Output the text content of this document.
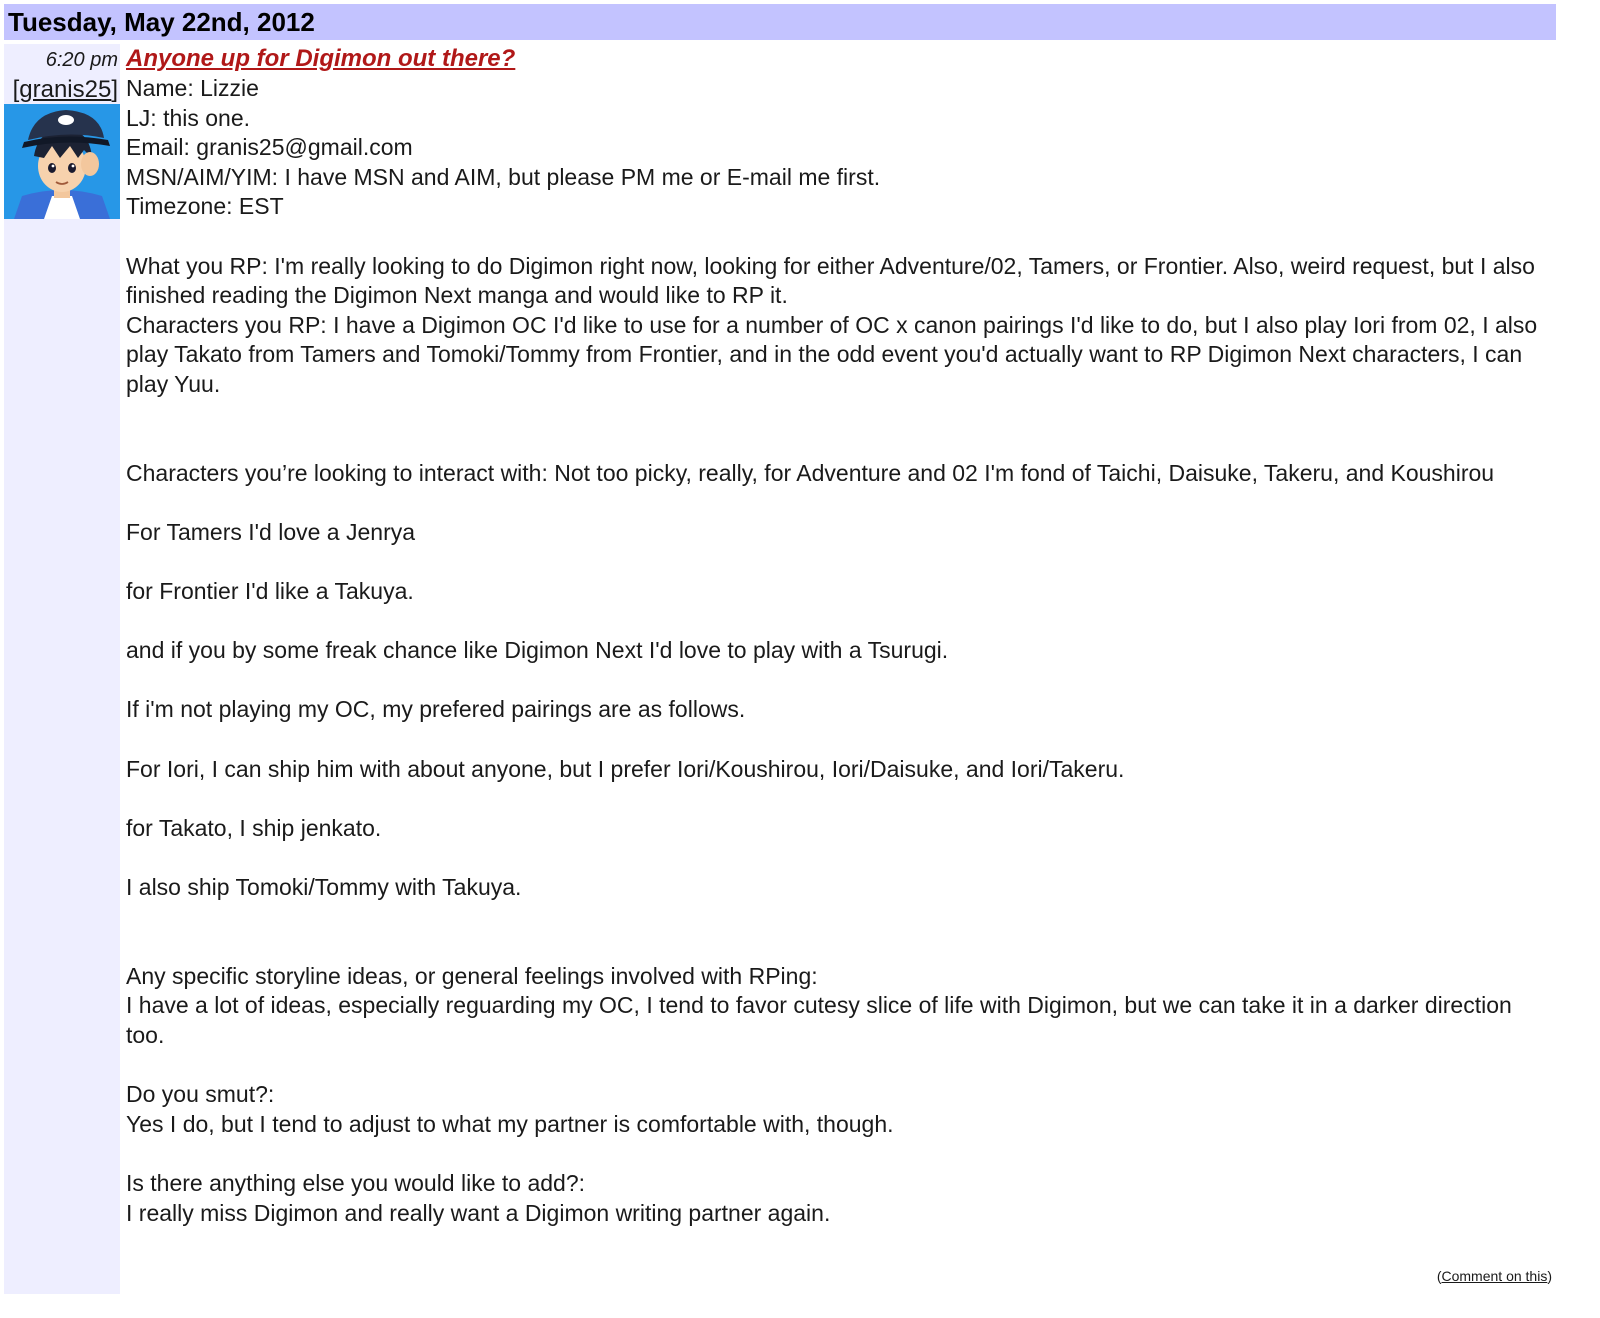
Tuesday, May 22nd, 2012
6:20 pm
[granis25]
Anyone up for Digimon out there?

Name: Lizzie

LJ: this one.

Email: granis25@gmail.com

MSN/AIM/YIM: I have MSN and AIM, but please PM me or E-mail me first.

Timezone: EST

What you RP: I'm really looking to do Digimon right now, looking for either Adventure/02, Tamers, or Frontier. Also, weird request, but I also finished reading the Digimon Next manga and would like to RP it.

Characters you RP: I have a Digimon OC I'd like to use for a number of OC x canon pairings I'd like to do, but I also play Iori from 02, I also play Takato from Tamers and Tomoki/Tommy from Frontier, and in the odd event you'd actually want to RP Digimon Next characters, I can play Yuu.

Characters you’re looking to interact with: Not too picky, really, for Adventure and 02 I'm fond of Taichi, Daisuke, Takeru, and Koushirou

For Tamers I'd love a Jenrya

for Frontier I'd like a Takuya.

and if you by some freak chance like Digimon Next I'd love to play with a Tsurugi.

If i'm not playing my OC, my prefered pairings are as follows.

For Iori, I can ship him with about anyone, but I prefer Iori/Koushirou, Iori/Daisuke, and Iori/Takeru.

for Takato, I ship jenkato.

I also ship Tomoki/Tommy with Takuya.

Any specific storyline ideas, or general feelings involved with RPing:

I have a lot of ideas, especially reguarding my OC, I tend to favor cutesy slice of life with Digimon, but we can take it in a darker direction too.

Do you smut?:

Yes I do, but I tend to adjust to what my partner is comfortable with, though.

Is there anything else you would like to add?:

I really miss Digimon and really want a Digimon writing partner again.

(Comment on this)
